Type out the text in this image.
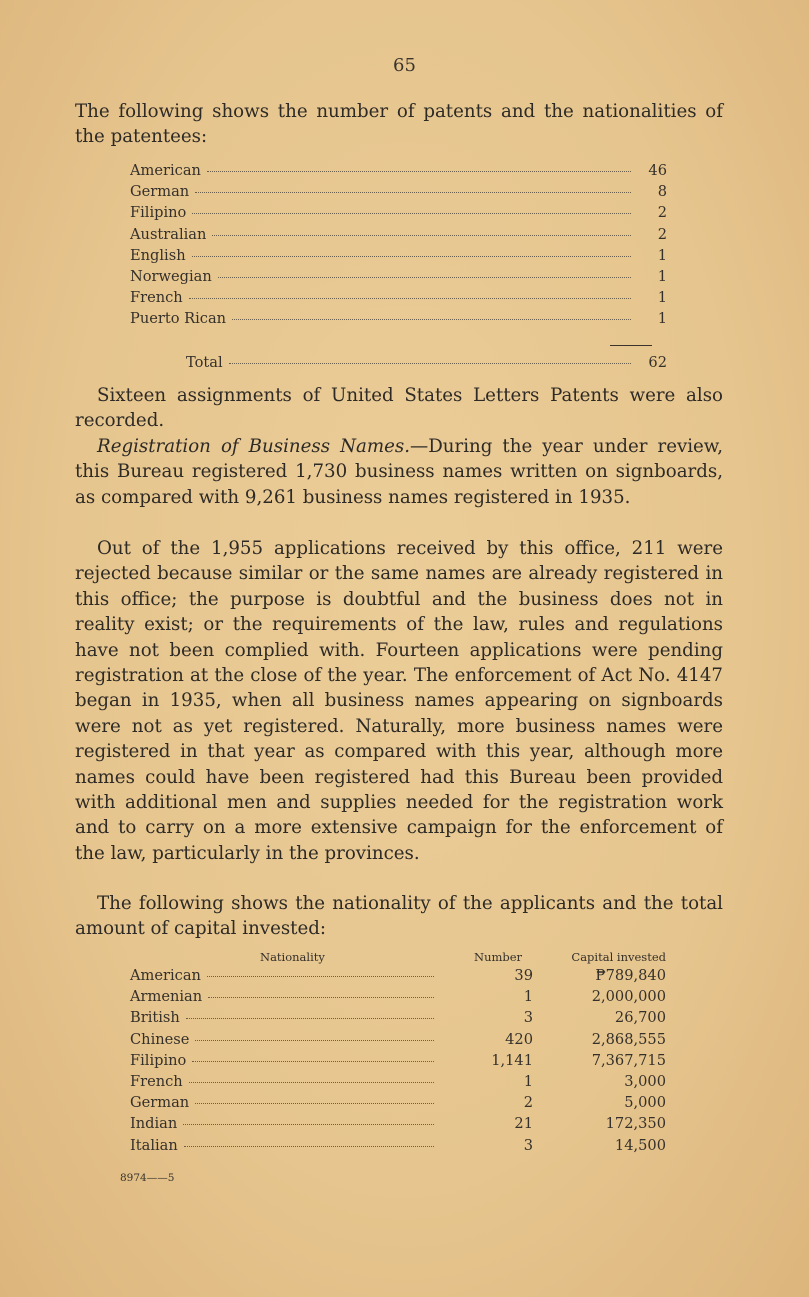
65

The following shows the number of patents and the nationalities of the patentees:

American	46
German	8
Filipino	2
Australian	2
English	1
Norwegian	1
French	1
Puerto Rican	1
Total	62

Sixteen assignments of United States Letters Patents were also recorded.

Registration of Business Names.—During the year under review, this Bureau registered 1,730 business names written on signboards, as compared with 9,261 business names registered in 1935.

Out of the 1,955 applications received by this office, 211 were rejected because similar or the same names are already registered in this office; the purpose is doubtful and the business does not in reality exist; or the requirements of the law, rules and regulations have not been complied with. Fourteen applications were pending registration at the close of the year. The enforcement of Act No. 4147 began in 1935, when all business names appearing on signboards were not as yet registered. Naturally, more business names were registered in that year as compared with this year, although more names could have been registered had this Bureau been provided with additional men and supplies needed for the registration work and to carry on a more extensive campaign for the enforcement of the law, particularly in the provinces.

The following shows the nationality of the applicants and the total amount of capital invested:

Nationality	Number	Capital invested
American	39	₱789,840
Armenian	1	2,000,000
British	3	26,700
Chinese	420	2,868,555
Filipino	1,141	7,367,715
French	1	3,000
German	2	5,000
Indian	21	172,350
Italian	3	14,500
8974——5
